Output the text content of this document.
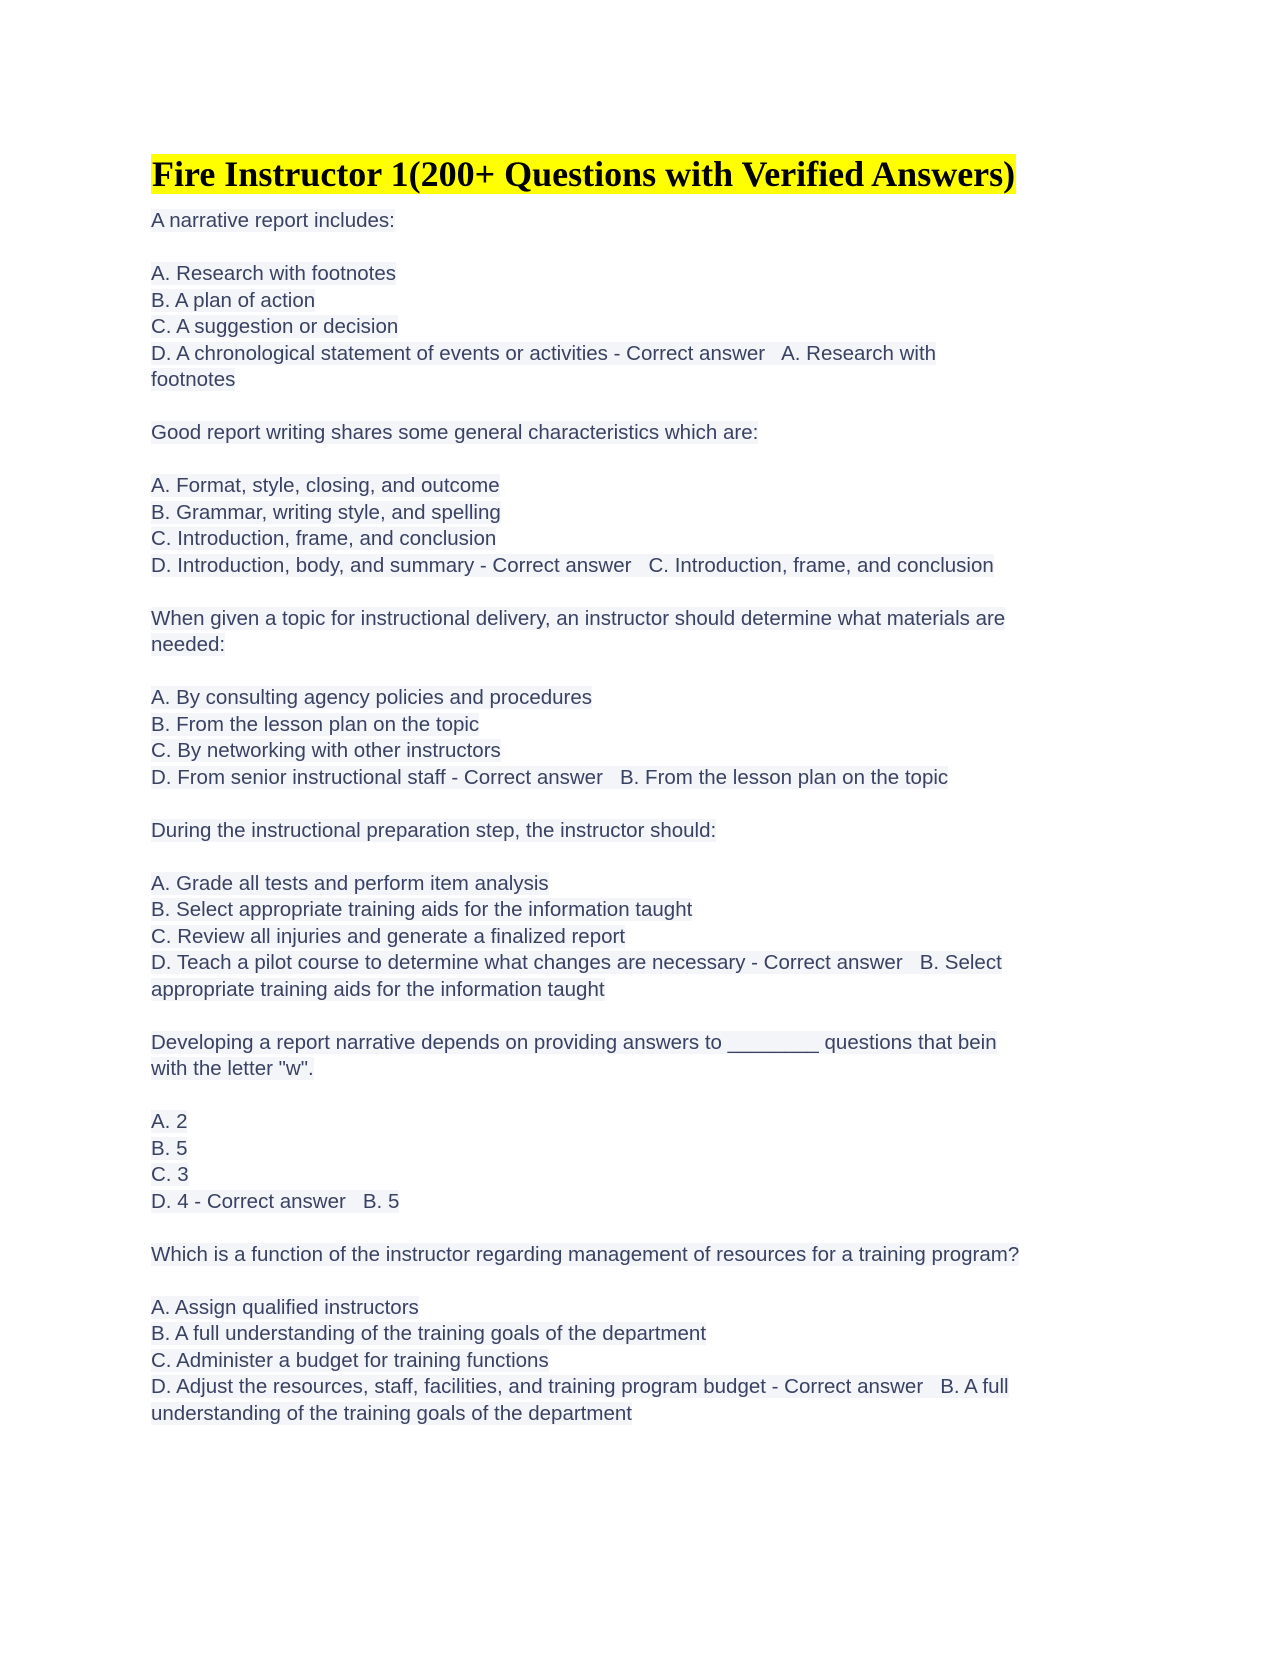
Fire Instructor 1(200+ Questions with Verified Answers)
A narrative report includes:
A. Research with footnotes
B. A plan of action
C. A suggestion or decision
D. A chronological statement of events or activities - Correct answer   A. Research with
footnotes
Good report writing shares some general characteristics which are:
A. Format, style, closing, and outcome
B. Grammar, writing style, and spelling
C. Introduction, frame, and conclusion
D. Introduction, body, and summary - Correct answer   C. Introduction, frame, and conclusion
When given a topic for instructional delivery, an instructor should determine what materials are
needed:
A. By consulting agency policies and procedures
B. From the lesson plan on the topic
C. By networking with other instructors
D. From senior instructional staff - Correct answer   B. From the lesson plan on the topic
During the instructional preparation step, the instructor should:
A. Grade all tests and perform item analysis
B. Select appropriate training aids for the information taught
C. Review all injuries and generate a finalized report
D. Teach a pilot course to determine what changes are necessary - Correct answer   B. Select
appropriate training aids for the information taught
Developing a report narrative depends on providing answers to ________ questions that bein
with the letter "w".
A. 2
B. 5
C. 3
D. 4 - Correct answer   B. 5
Which is a function of the instructor regarding management of resources for a training program?
A. Assign qualified instructors
B. A full understanding of the training goals of the department
C. Administer a budget for training functions
D. Adjust the resources, staff, facilities, and training program budget - Correct answer   B. A full
understanding of the training goals of the department
